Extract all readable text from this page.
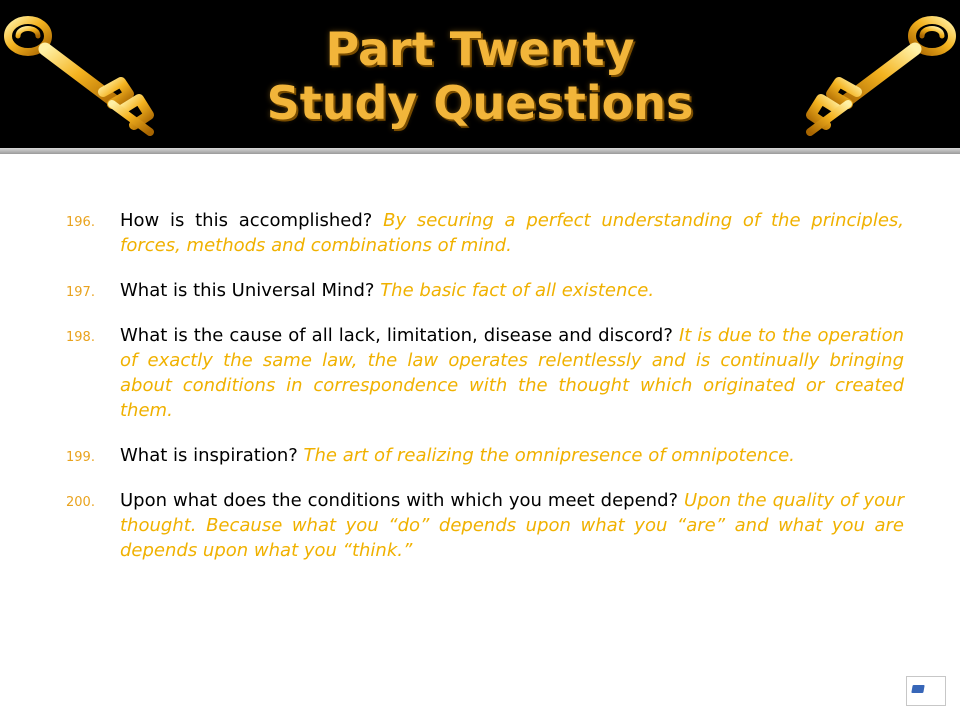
Part Twenty
Study Questions
196. How is this accomplished? By securing a perfect understanding of the principles, forces, methods and combinations of mind.
197. What is this Universal Mind? The basic fact of all existence.
198. What is the cause of all lack, limitation, disease and discord? It is due to the operation of exactly the same law, the law operates relentlessly and is continually bringing about conditions in correspondence with the thought which originated or created them.
199. What is inspiration? The art of realizing the omnipresence of omnipotence.
200. Upon what does the conditions with which you meet depend? Upon the quality of your thought. Because what you “do” depends upon what you “are” and what you are depends upon what you “think.”
